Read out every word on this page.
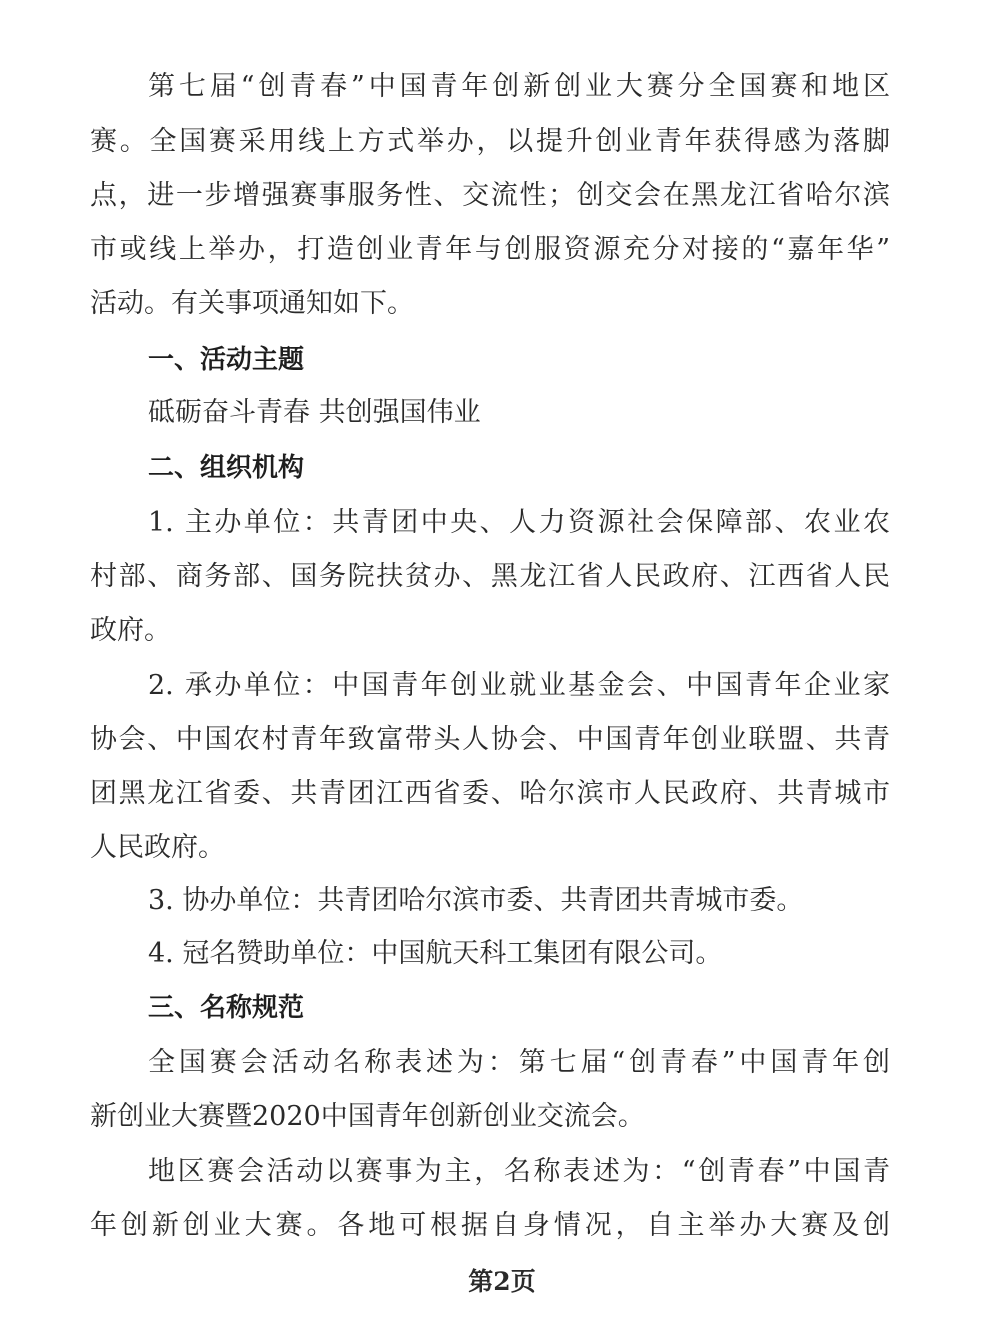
第七届“创青春”中国青年创新创业大赛分全国赛和地区
赛。全国赛采用线上方式举办，以提升创业青年获得感为落脚
点，进一步增强赛事服务性、交流性；创交会在黑龙江省哈尔滨
市或线上举办，打造创业青年与创服资源充分对接的“嘉年华”
活动。有关事项通知如下。
一、活动主题
砥砺奋斗青春 共创强国伟业
二、组织机构
1. 主办单位：共青团中央、人力资源社会保障部、农业农
村部、商务部、国务院扶贫办、黑龙江省人民政府、江西省人民
政府。
2. 承办单位：中国青年创业就业基金会、中国青年企业家
协会、中国农村青年致富带头人协会、中国青年创业联盟、共青
团黑龙江省委、共青团江西省委、哈尔滨市人民政府、共青城市
人民政府。
3. 协办单位：共青团哈尔滨市委、共青团共青城市委。
4. 冠名赞助单位：中国航天科工集团有限公司。
三、名称规范
全国赛会活动名称表述为：第七届“创青春”中国青年创
新创业大赛暨2020中国青年创新创业交流会。
地区赛会活动以赛事为主，名称表述为：“创青春”中国青
年创新创业大赛。各地可根据自身情况，自主举办大赛及创
第2页
